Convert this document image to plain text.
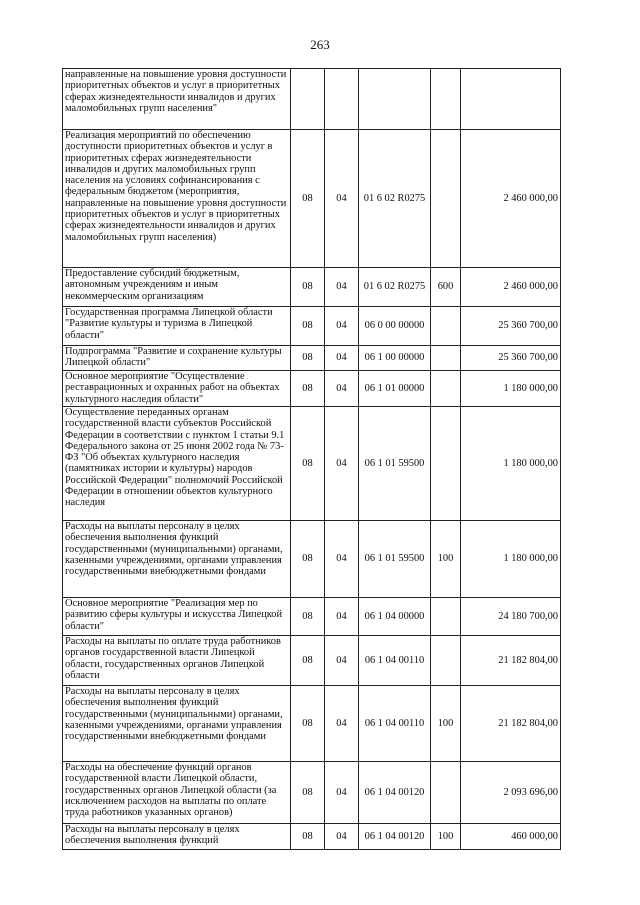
263
направленные на повышение уровня доступности приоритетных объектов и услуг в приоритетных сферах жизнедеятельности инвалидов и других маломобильных групп населения"					
Реализация мероприятий по обеспечению доступности приоритетных объектов и услуг в приоритетных сферах жизнедеятельности инвалидов и других маломобильных групп населения на условиях софинансирования с федеральным бюджетом (мероприятия, направленные на повышение уровня доступности приоритетных объектов и услуг в приоритетных сферах жизнедеятельности инвалидов и других маломобильных групп населения)	08	04	01 6 02 R0275		2 460 000,00
Предоставление субсидий бюджетным, автономным учреждениям и иным некоммерческим организациям	08	04	01 6 02 R0275	600	2 460 000,00
Государственная программа Липецкой области "Развитие культуры и туризма в Липецкой области"	08	04	06 0 00 00000		25 360 700,00
Подпрограмма "Развитие и сохранение культуры Липецкой области"	08	04	06 1 00 00000		25 360 700,00
Основное мероприятие "Осуществление реставрационных и охранных работ на объектах культурного наследия области"	08	04	06 1 01 00000		1 180 000,00
Осуществление переданных органам государственной власти субъектов Российской Федерации в соответствии с пунктом 1 статьи 9.1 Федерального закона от 25 июня 2002 года № 73-ФЗ "Об объектах культурного наследия (памятниках истории и культуры) народов Российской Федерации" полномочий Российской Федерации в отношении объектов культурного наследия	08	04	06 1 01 59500		1 180 000,00
Расходы на выплаты персоналу в целях обеспечения выполнения функций государственными (муниципальными) органами, казенными учреждениями, органами управления государственными внебюджетными фондами	08	04	06 1 01 59500	100	1 180 000,00
Основное мероприятие "Реализация мер по развитию сферы культуры и искусства Липецкой области"	08	04	06 1 04 00000		24 180 700,00
Расходы на выплаты по оплате труда работников органов государственной власти Липецкой области, государственных органов Липецкой области	08	04	06 1 04 00110		21 182 804,00
Расходы на выплаты персоналу в целях обеспечения выполнения функций государственными (муниципальными) органами, казенными учреждениями, органами управления государственными внебюджетными фондами	08	04	06 1 04 00110	100	21 182 804,00
Расходы на обеспечение функций органов государственной власти Липецкой области, государственных органов Липецкой области (за исключением расходов на выплаты по оплате труда работников указанных органов)	08	04	06 1 04 00120		2 093 696,00
Расходы на выплаты персоналу в целях обеспечения выполнения функций	08	04	06 1 04 00120	100	460 000,00
